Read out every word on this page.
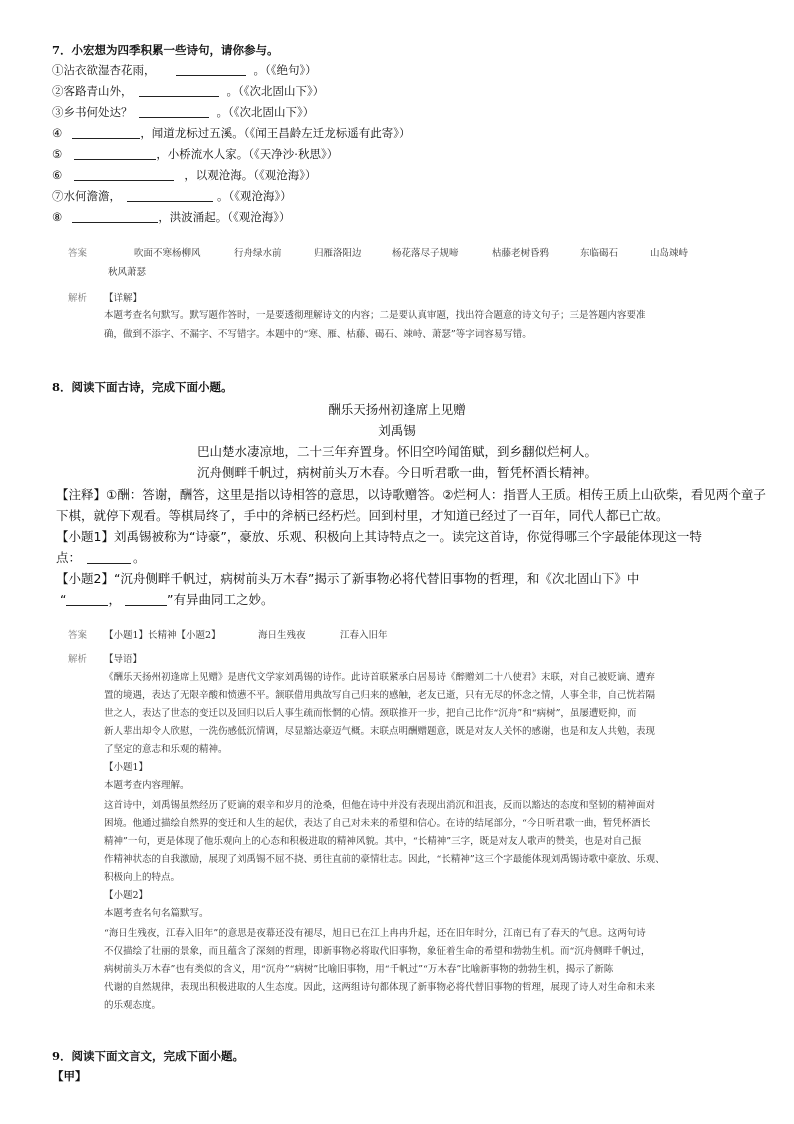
7．小宏想为四季积累一些诗句，请你参与。
①沾衣欲湿杏花雨，	。（《绝句》）
②客路青山外，	。（《次北固山下》）
③乡书何处达？	。（《次北固山下》）
④	，闻道龙标过五溪。（《闻王昌龄左迁龙标遥有此寄》）
⑤	，小桥流水人家。（《天净沙·秋思》）
⑥	，以观沧海。（《观沧海》）
⑦水何澹澹，	。（《观沧海》）
⑧	，洪波涌起。（《观沧海》）
答案	吹面不寒杨柳风	行舟绿水前	归雁洛阳边	杨花落尽子规啼	枯藤老树昏鸦	东临碣石	山岛竦峙
秋风萧瑟
解析 【详解】
本题考查名句默写。默写题作答时，一是要透彻理解诗文的内容；二是要认真审题，找出符合题意的诗文句子；三是答题内容要准
确，做到不添字、不漏字、不写错字。本题中的“寒、雁、枯藤、碣石、竦峙、萧瑟”等字词容易写错。
8．阅读下面古诗，完成下面小题。
酬乐天扬州初逢席上见赠
刘禹锡
巴山楚水凄凉地，二十三年弃置身。怀旧空吟闻笛赋，到乡翻似烂柯人。
沉舟侧畔千帆过，病树前头万木春。今日听君歌一曲，暂凭杯酒长精神。
【注释】①酬：答谢，酬答，这里是指以诗相答的意思，以诗歌赠答。②烂柯人：指晋人王质。相传王质上山砍柴，看见两个童子
下棋，就停下观看。等棋局终了，手中的斧柄已经朽烂。回到村里，才知道已经过了一百年，同代人都已亡故。
【小题1】刘禹锡被称为“诗豪”，豪放、乐观、积极向上其诗特点之一。读完这首诗，你觉得哪三个字最能体现这一特
点：	。
【小题2】“沉舟侧畔千帆过，病树前头万木春”揭示了新事物必将代替旧事物的哲理，和《次北固山下》中
“	，	”有异曲同工之妙。
答案 【小题1】长精神【小题2】	海日生残夜	江春入旧年
解析 【导语】
《酬乐天扬州初逢席上见赠》是唐代文学家刘禹锡的诗作。此诗首联紧承白居易诗《醉赠刘二十八使君》末联，对自己被贬谪、遭弃
置的境遇，表达了无限辛酸和愤懑不平。颔联借用典故写自己归来的感触，老友已逝，只有无尽的怀念之情，人事全非，自己恍若隔
世之人，表达了世态的变迁以及回归以后人事生疏而怅惘的心情。颈联推开一步，把自己比作“沉舟”和“病树”，虽屡遭贬抑，而
新人辈出却令人欣慰，一洗伤感低沉情调，尽显豁达豪迈气概。末联点明酬赠题意，既是对友人关怀的感谢，也是和友人共勉，表现
了坚定的意志和乐观的精神。
【小题1】
本题考查内容理解。
这首诗中，刘禹锡虽然经历了贬谪的艰辛和岁月的沧桑，但他在诗中并没有表现出消沉和沮丧，反而以豁达的态度和坚韧的精神面对
困境。他通过描绘自然界的变迁和人生的起伏，表达了自己对未来的希望和信心。在诗的结尾部分，“今日听君歌一曲，暂凭杯酒长
精神”一句，更是体现了他乐观向上的心态和积极进取的精神风貌。其中，“长精神”三字，既是对友人歌声的赞美，也是对自己振
作精神状态的自我激励，展现了刘禹锡不屈不挠、勇往直前的豪情壮志。因此，“长精神”这三个字最能体现刘禹锡诗歌中豪放、乐观、
积极向上的特点。
【小题2】
本题考查名句名篇默写。
“海日生残夜，江春入旧年”的意思是夜幕还没有褪尽，旭日已在江上冉冉升起，还在旧年时分，江南已有了春天的气息。这两句诗
不仅描绘了壮丽的景象，而且蕴含了深刻的哲理，即新事物必将取代旧事物，象征着生命的希望和勃勃生机。而“沉舟侧畔千帆过，
病树前头万木春”也有类似的含义，用“沉舟”“病树”比喻旧事物，用“千帆过”“万木春”比喻新事物的勃勃生机，揭示了新陈
代谢的自然规律，表现出积极进取的人生态度。因此，这两组诗句都体现了新事物必将代替旧事物的哲理，展现了诗人对生命和未来
的乐观态度。
9．阅读下面文言文，完成下面小题。
【甲】
